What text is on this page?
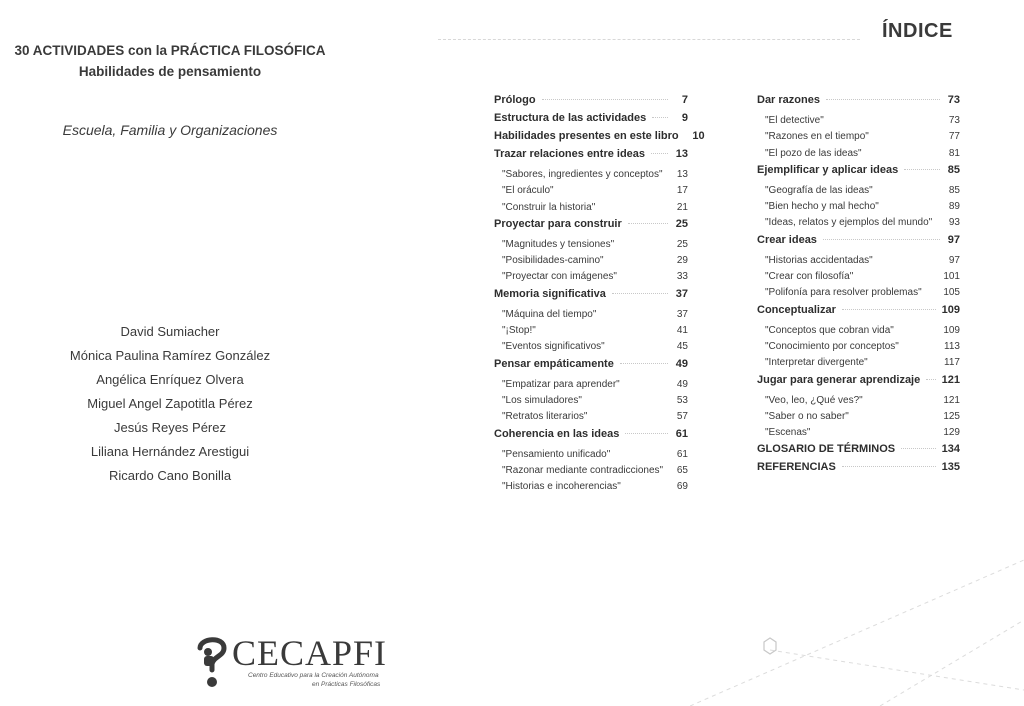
30 ACTIVIDADES con la PRÁCTICA FILOSÓFICA
Habilidades de pensamiento
Escuela, Familia y Organizaciones
David Sumiacher
Mónica Paulina Ramírez González
Angélica Enríquez Olvera
Miguel Angel Zapotitla Pérez
Jesús Reyes Pérez
Liliana Hernández Arestigui
Ricardo Cano Bonilla
CECAPFI
Centro Educativo para la Creación Autónoma
en Prácticas Filosóficas
ÍNDICE
Prólogo	7
Estructura de las actividades	9
Habilidades presentes en este libro 10
Trazar relaciones entre ideas	13
"Sabores, ingredientes y conceptos" 13
"El oráculo"	17
"Construir la historia"	21
Proyectar para construir	25
"Magnitudes y tensiones"	25
"Posibilidades-camino"	29
"Proyectar con imágenes"	33
Memoria significativa	37
"Máquina del tiempo"	37
"¡Stop!"	41
"Eventos significativos"	45
Pensar empáticamente	49
"Empatizar para aprender"	49
"Los simuladores"	53
"Retratos literarios"	57
Coherencia en las ideas	61
"Pensamiento unificado"	61
"Razonar mediante contradicciones" 65
"Historias e incoherencias"	69
Dar razones	73
"El detective"	73
"Razones en el tiempo"	77
"El pozo de las ideas"	81
Ejemplificar y aplicar ideas	85
"Geografía de las ideas"	85
"Bien hecho y mal hecho"	89
"Ideas, relatos y ejemplos del mundo" 93
Crear ideas	97
"Historias accidentadas"	97
"Crear con filosofía"	101
"Polifonía para resolver problemas" 105
Conceptualizar	109
"Conceptos que cobran vida"	109
"Conocimiento por conceptos"	113
"Interpretar divergente"	117
Jugar para generar aprendizaje 121
"Veo, leo, ¿Qué ves?"	121
"Saber o no saber"	125
"Escenas"	129
GLOSARIO DE TÉRMINOS	134
REFERENCIAS	135
